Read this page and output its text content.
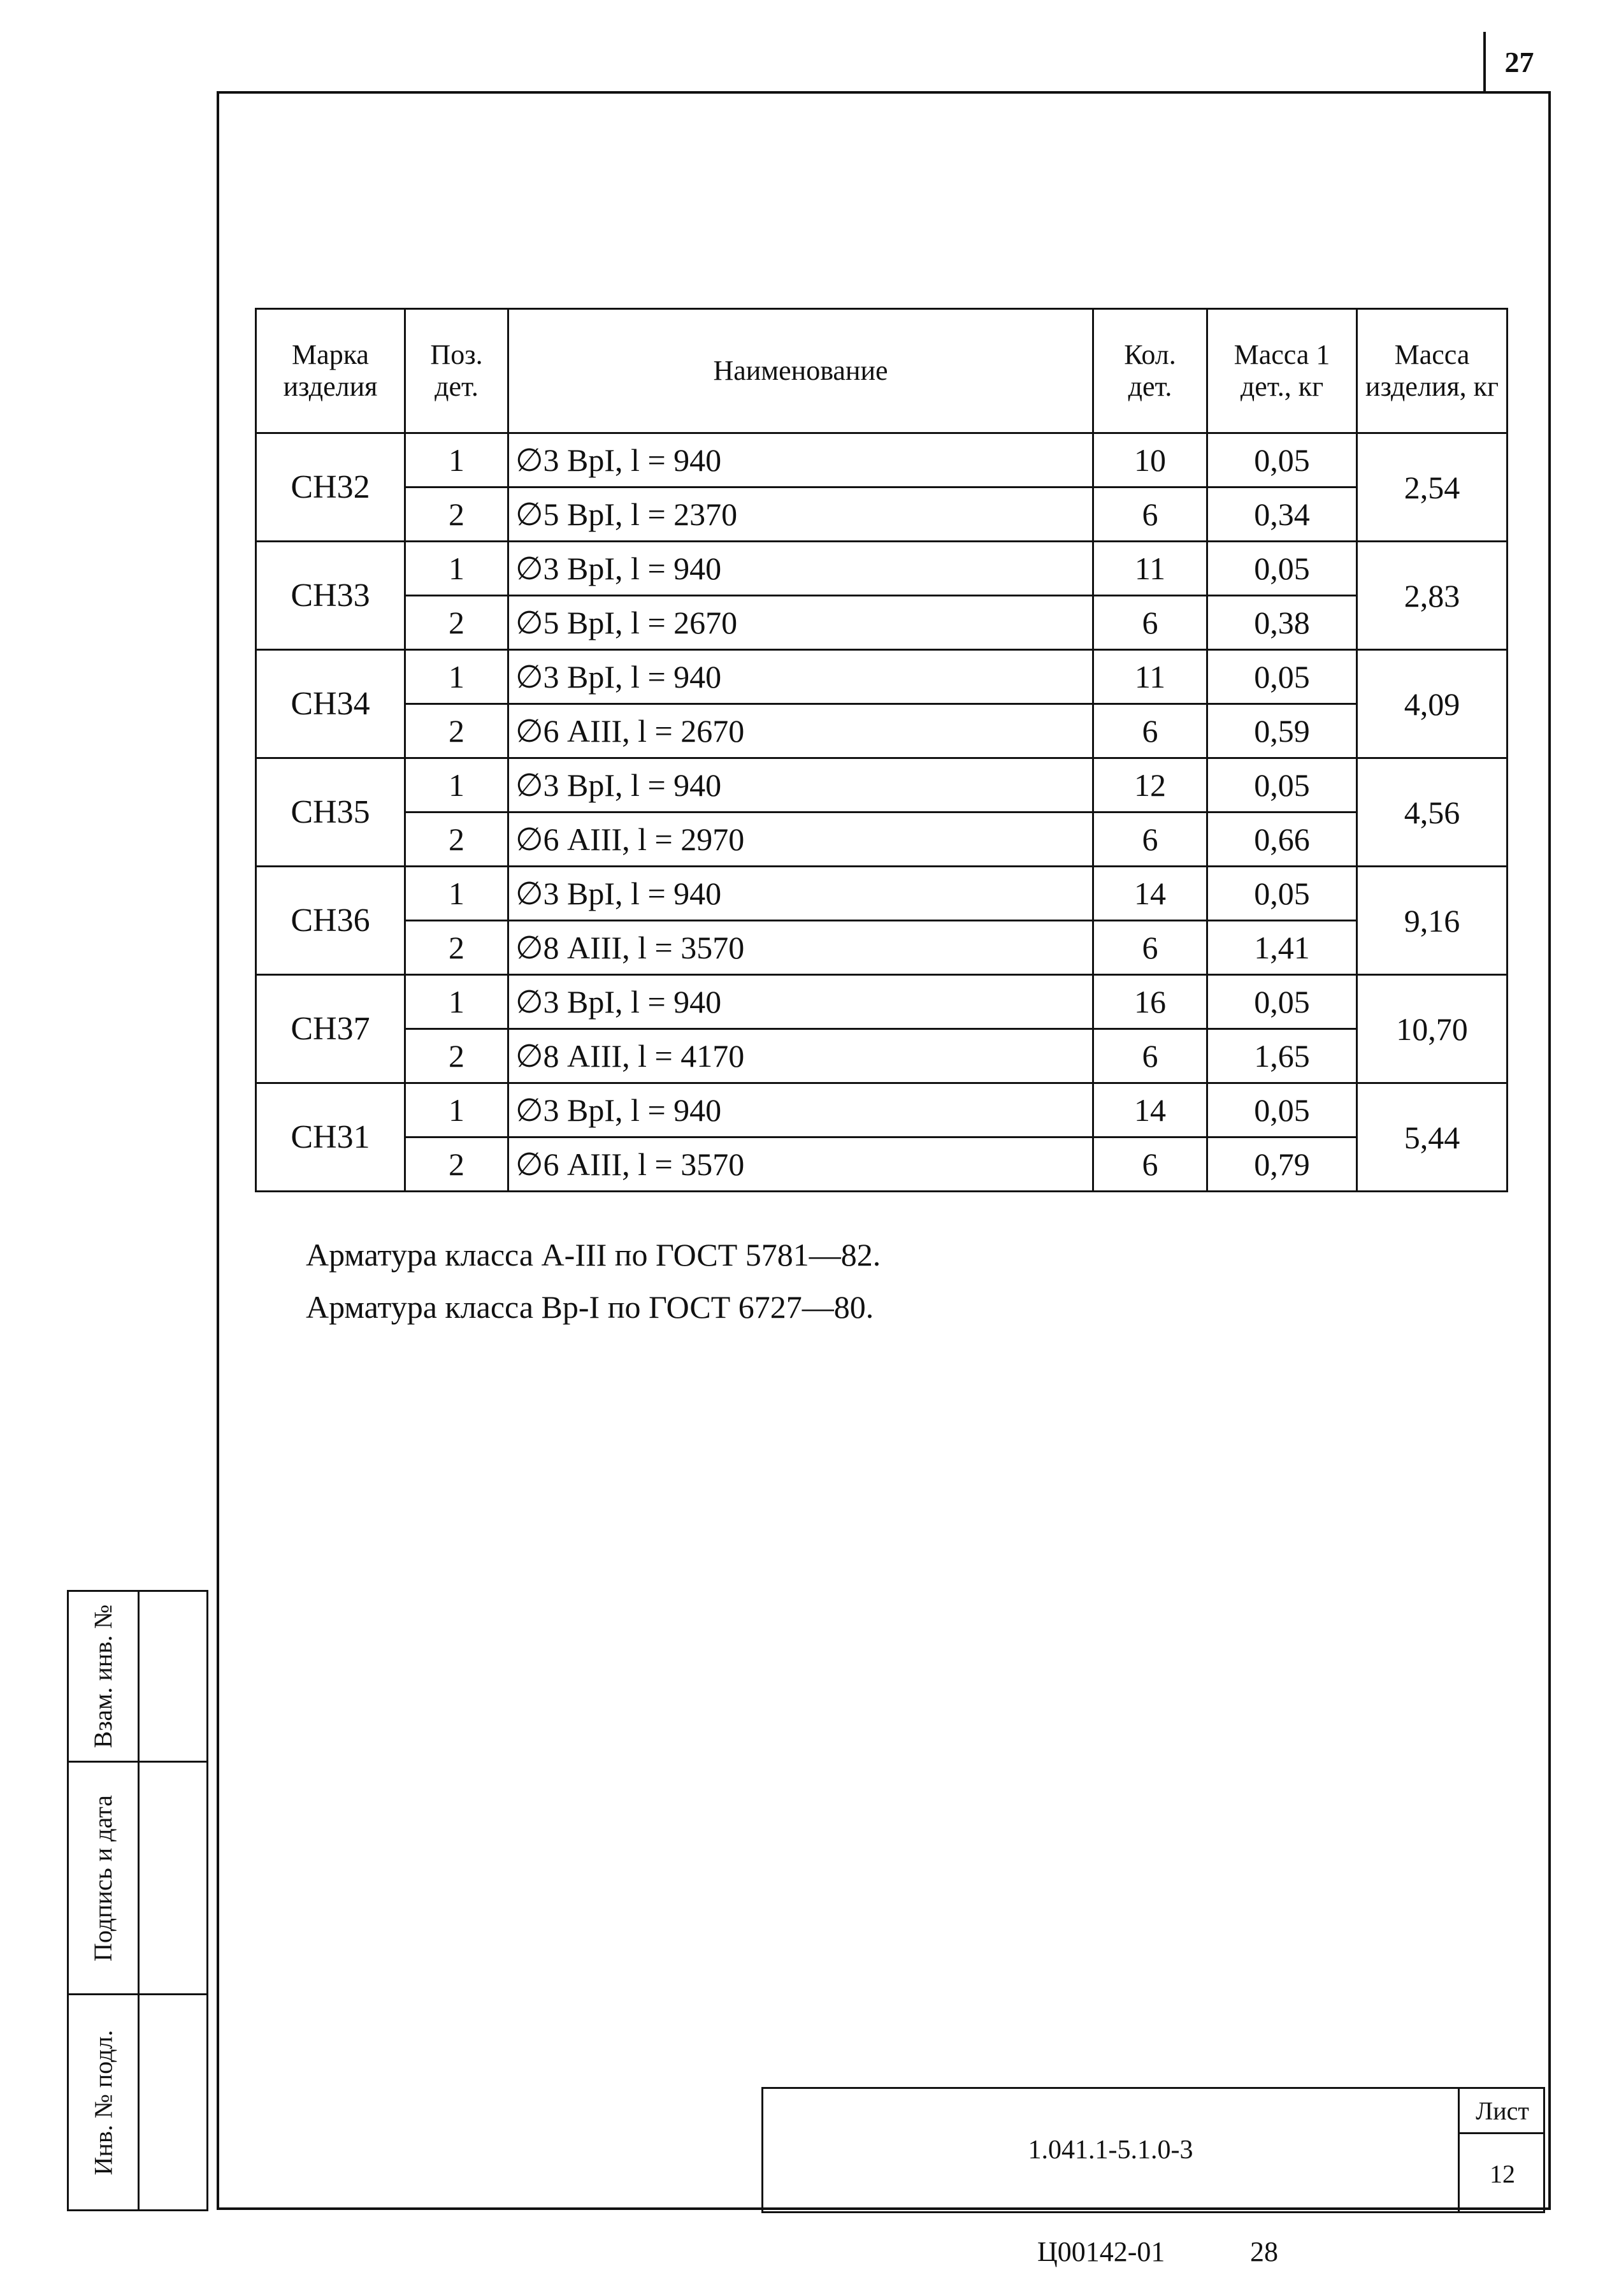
27
Марка изделия	Поз. дет.	Наименование	Кол. дет.	Масса 1 дет., кг	Масса изделия, кг
СН32	1	∅3 ВрI, l = 940	10	0,05	2,54
	2	∅5 ВрI, l = 2370	6	0,34	
СН33	1	∅3 ВрI, l = 940	11	0,05	2,83
	2	∅5 ВрI, l = 2670	6	0,38	
СН34	1	∅3 ВрI, l = 940	11	0,05	4,09
	2	∅6 АIII, l = 2670	6	0,59	
СН35	1	∅3 ВрI, l = 940	12	0,05	4,56
	2	∅6 АIII, l = 2970	6	0,66	
СН36	1	∅3 ВрI, l = 940	14	0,05	9,16
	2	∅8 АIII, l = 3570	6	1,41	
СН37	1	∅3 ВрI, l = 940	16	0,05	10,70
	2	∅8 АIII, l = 4170	6	1,65	
СН31	1	∅3 ВрI, l = 940	14	0,05	5,44
	2	∅6 АIII, l = 3570	6	0,79	
Арматура класса А-III по ГОСТ 5781—82.
Арматура класса Вр-I по ГОСТ 6727—80.
Взам. инв. №
Подпись и дата
Инв. № подл.	1.041.1-5.1.0-3
Лист
12
Ц00142-01	28
